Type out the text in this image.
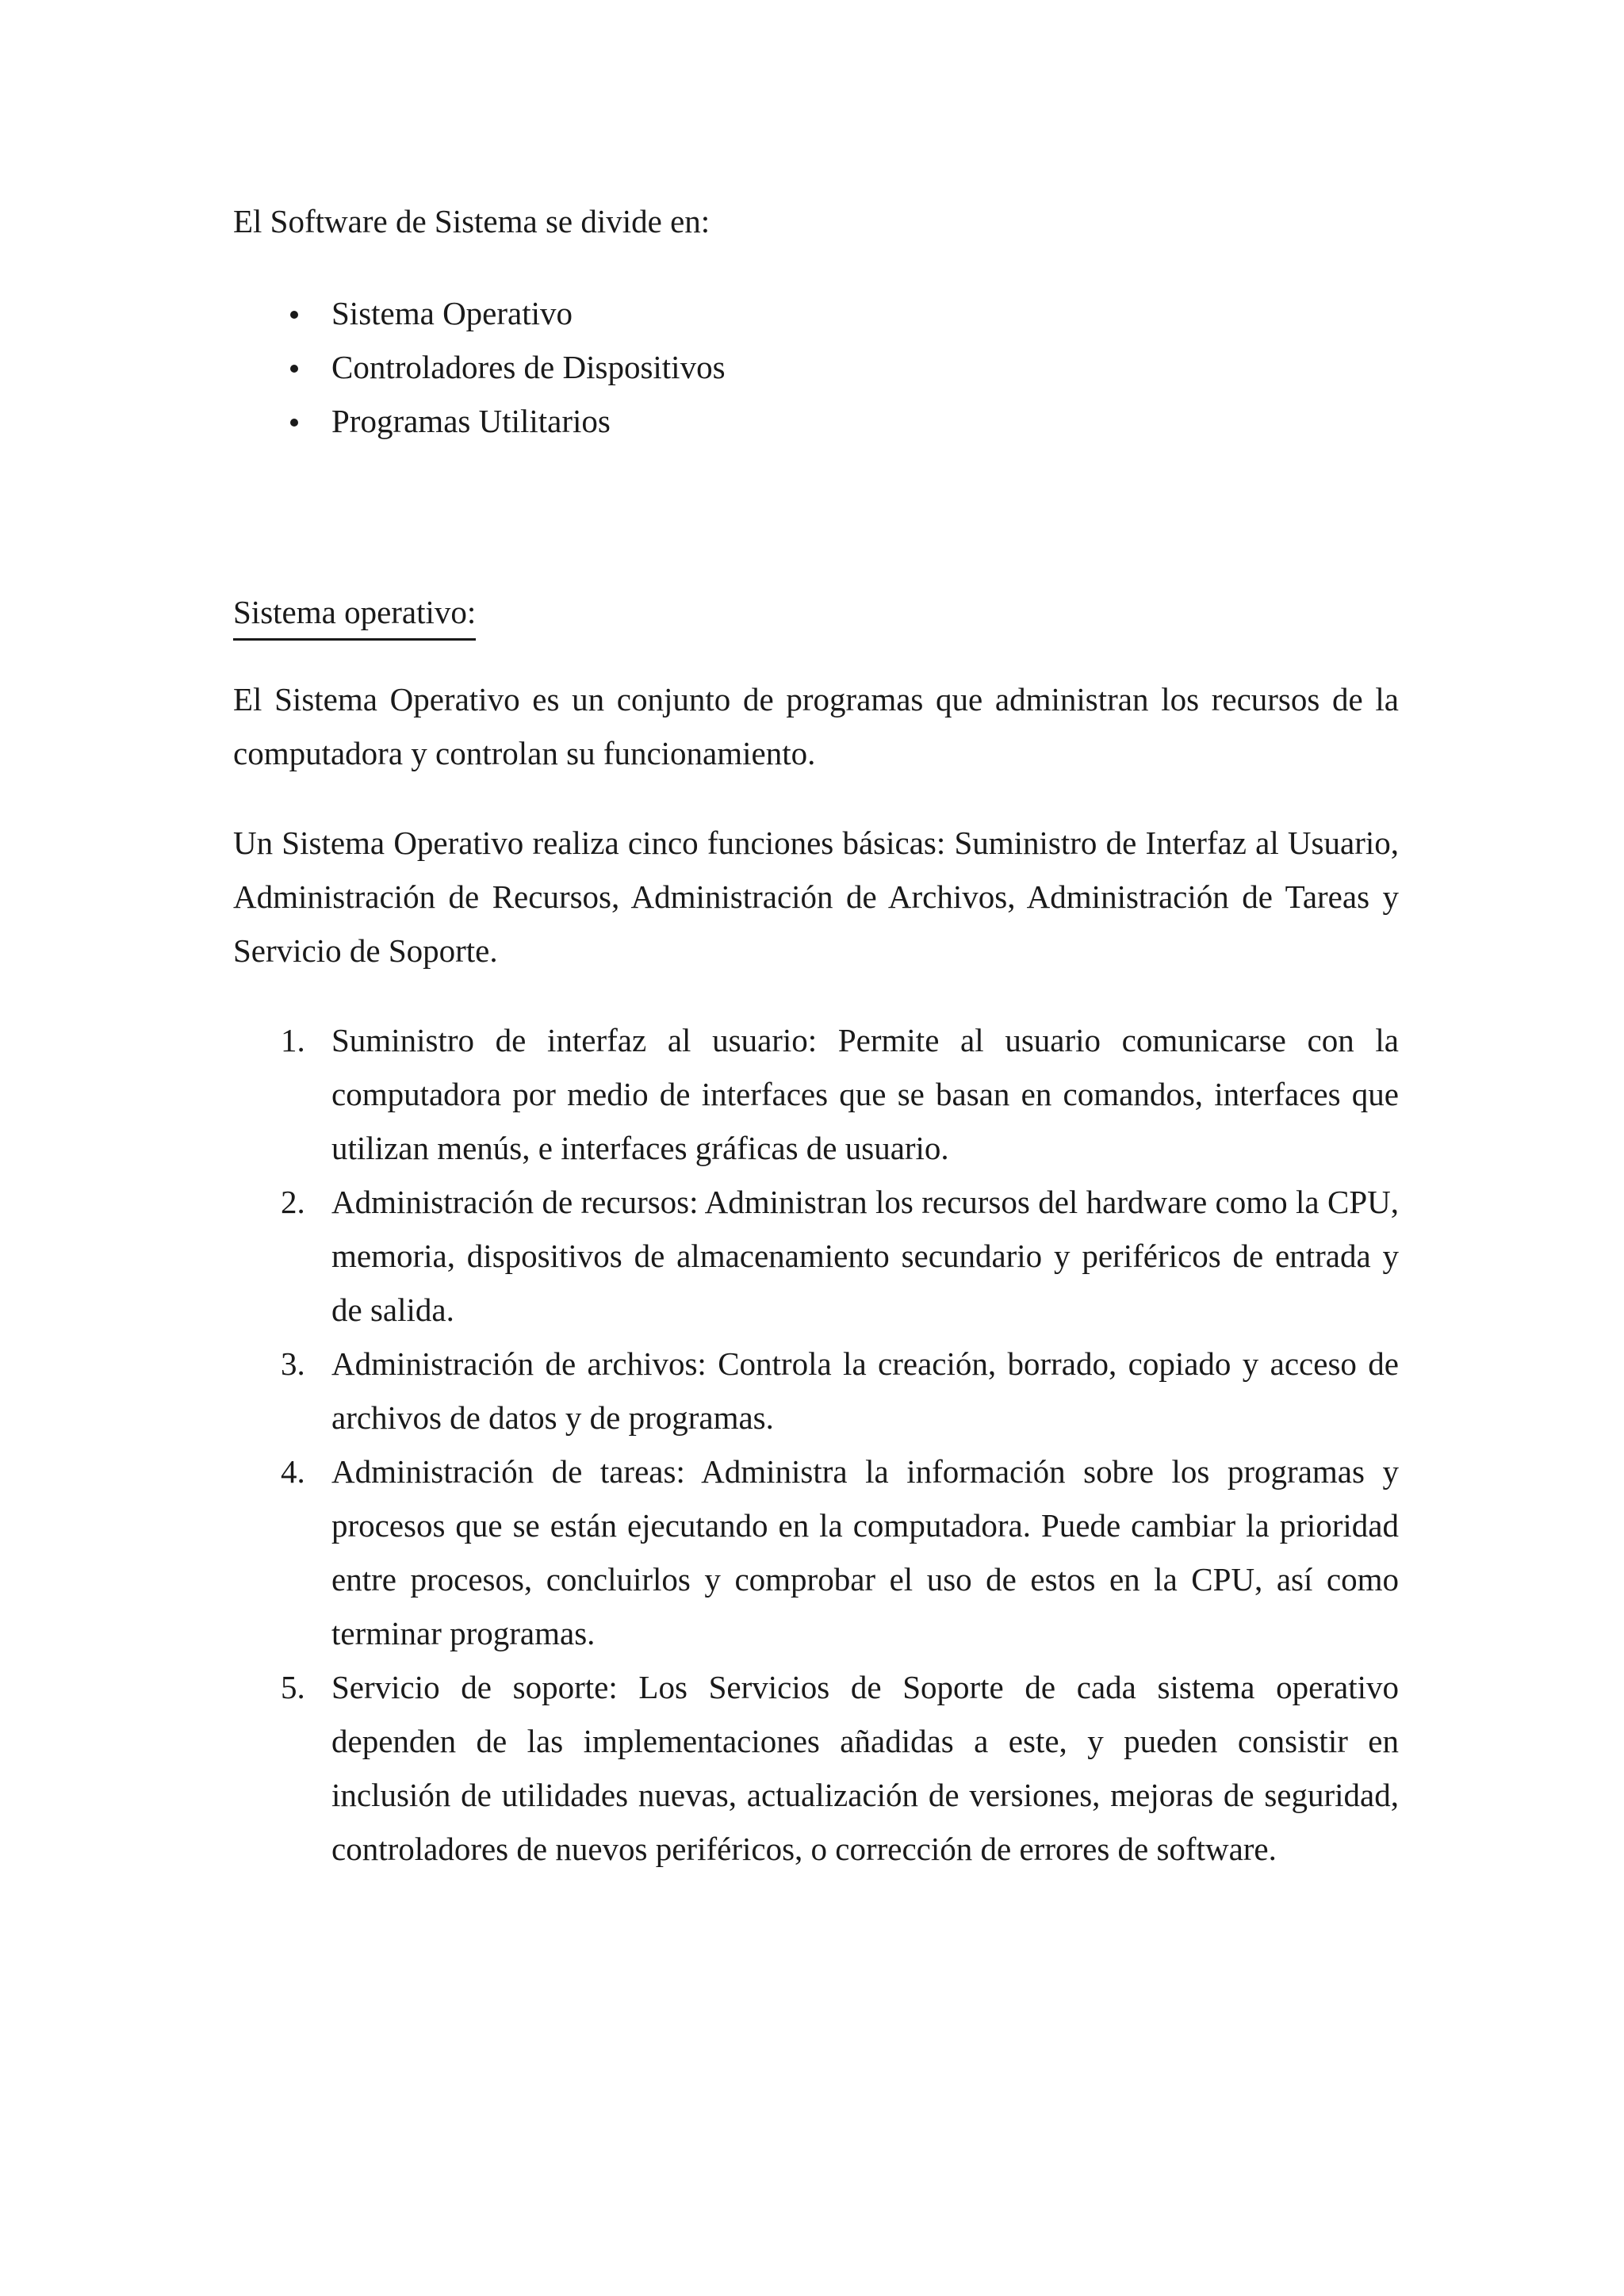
El Software de Sistema se divide en:

Sistema Operativo
Controladores de Dispositivos
Programas Utilitarios
Sistema operativo:

El Sistema Operativo es un conjunto de programas que administran los recursos de la computadora y controlan su funcionamiento.

Un Sistema Operativo realiza cinco funciones básicas: Suministro de Interfaz al Usuario, Administración de Recursos, Administración de Archivos, Administración de Tareas y Servicio de Soporte.

1. Suministro de interfaz al usuario: Permite al usuario comunicarse con la computadora por medio de interfaces que se basan en comandos, interfaces que utilizan menús, e interfaces gráficas de usuario.
2. Administración de recursos: Administran los recursos del hardware como la CPU, memoria, dispositivos de almacenamiento secundario y periféricos de entrada y de salida.
3. Administración de archivos: Controla la creación, borrado, copiado y acceso de archivos de datos y de programas.
4. Administración de tareas: Administra la información sobre los programas y procesos que se están ejecutando en la computadora. Puede cambiar la prioridad entre procesos, concluirlos y comprobar el uso de estos en la CPU, así como terminar programas.
5. Servicio de soporte: Los Servicios de Soporte de cada sistema operativo dependen de las implementaciones añadidas a este, y pueden consistir en inclusión de utilidades nuevas, actualización de versiones, mejoras de seguridad, controladores de nuevos periféricos, o corrección de errores de software.
